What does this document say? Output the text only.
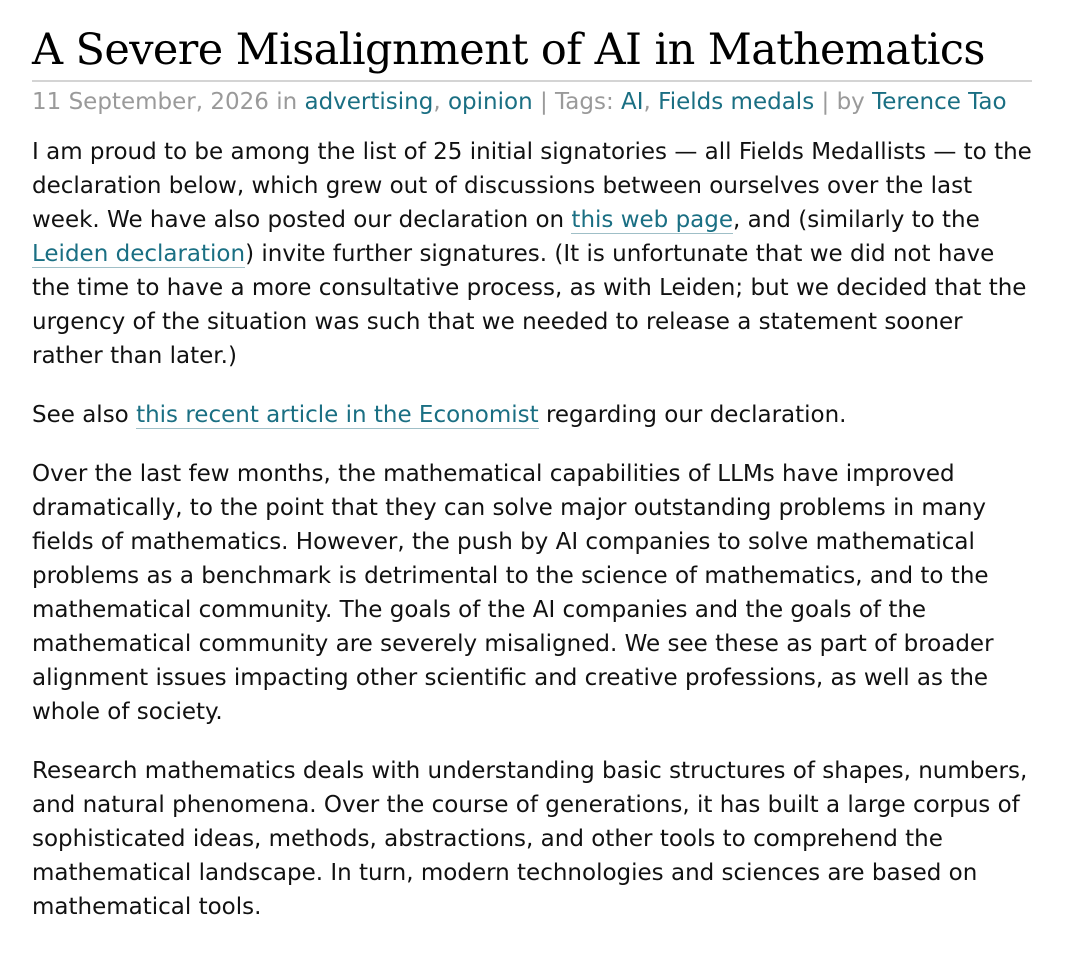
A Severe Misalignment of AI in Mathematics
11 September, 2026 in advertising, opinion | Tags: AI, Fields medals | by Terence Tao

I am proud to be among the list of 25 initial signatories — all Fields Medallists — to the declaration below, which grew out of discussions between ourselves over the last week. We have also posted our declaration on this web page, and (similarly to the Leiden declaration) invite further signatures. (It is unfortunate that we did not have the time to have a more consultative process, as with Leiden; but we decided that the urgency of the situation was such that we needed to release a statement sooner rather than later.)

See also this recent article in the Economist regarding our declaration.

Over the last few months, the mathematical capabilities of LLMs have improved dramatically, to the point that they can solve major outstanding problems in many fields of mathematics. However, the push by AI companies to solve mathematical problems as a benchmark is detrimental to the science of mathematics, and to the mathematical community. The goals of the AI companies and the goals of the mathematical community are severely misaligned. We see these as part of broader alignment issues impacting other scientific and creative professions, as well as the whole of society.

Research mathematics deals with understanding basic structures of shapes, numbers, and natural phenomena. Over the course of generations, it has built a large corpus of sophisticated ideas, methods, abstractions, and other tools to comprehend the mathematical landscape. In turn, modern technologies and sciences are based on mathematical tools.
